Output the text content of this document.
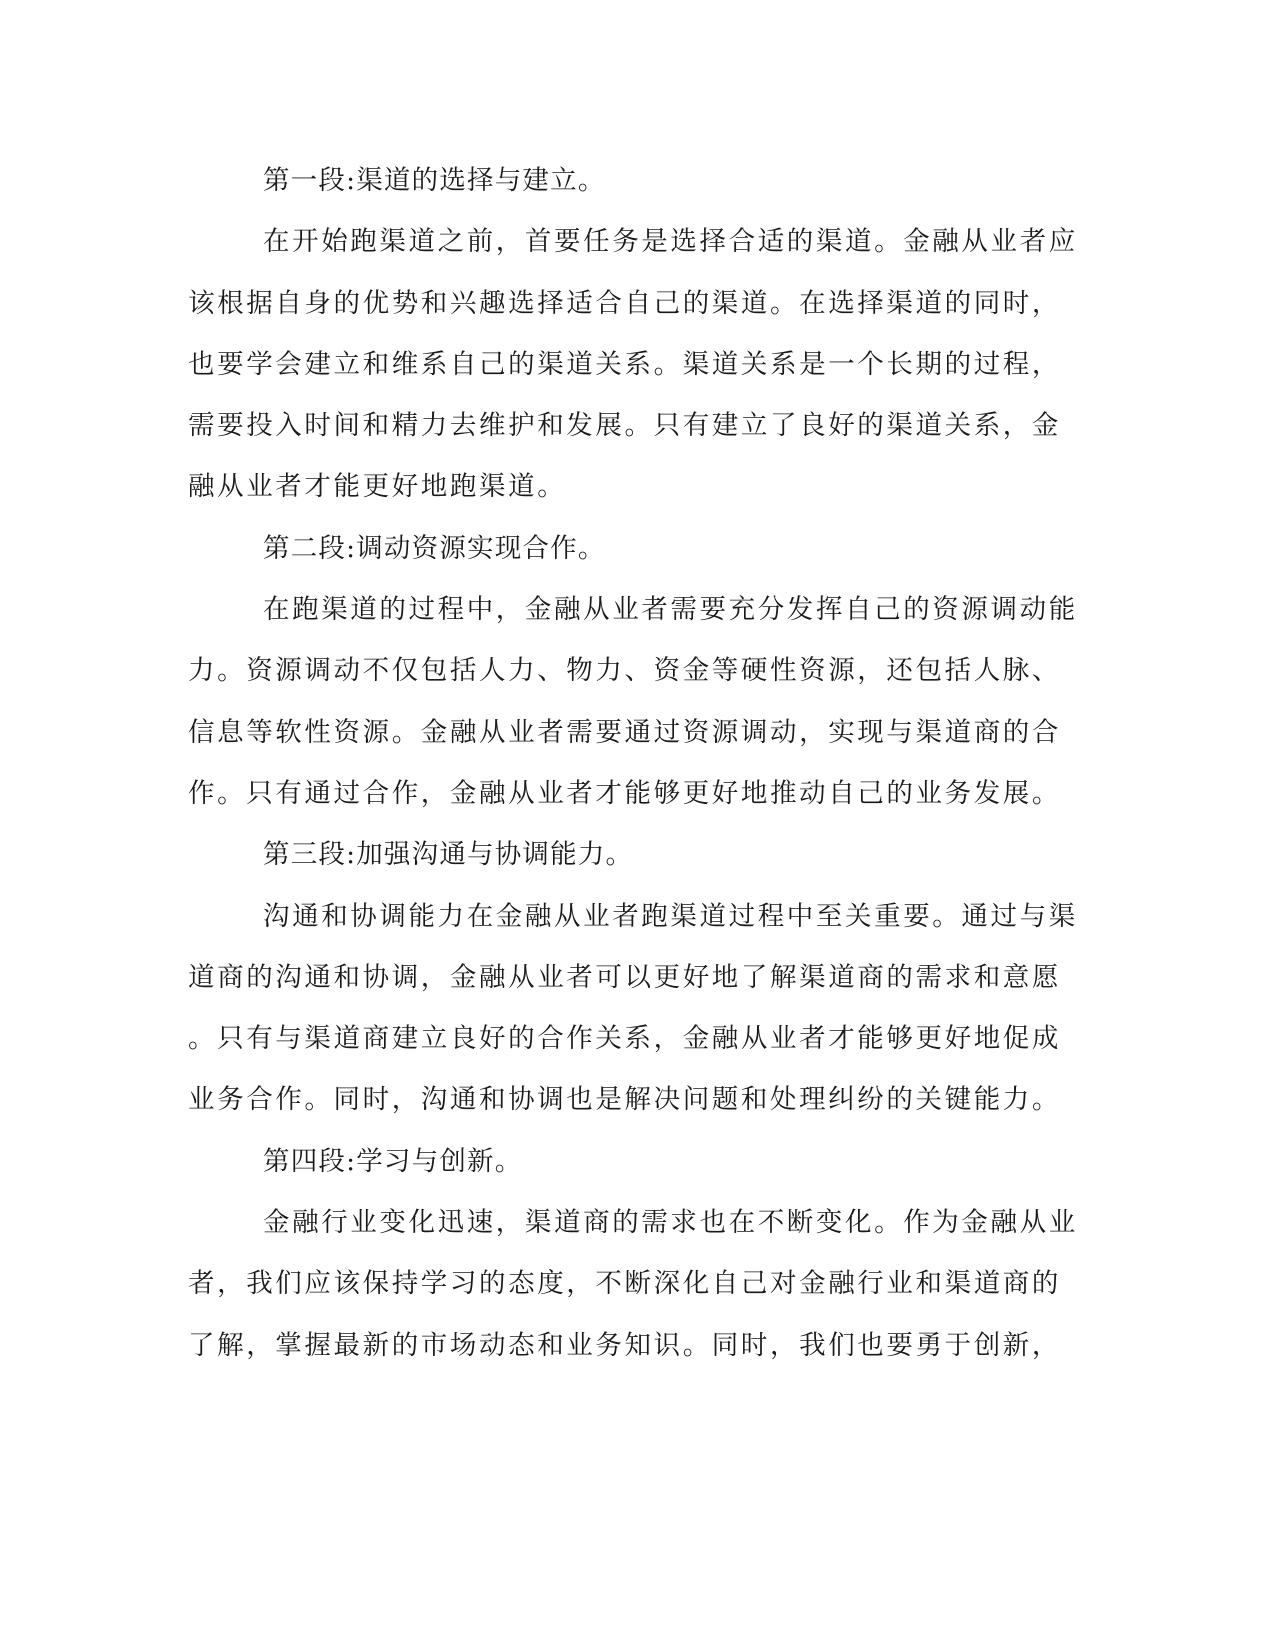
第一段:渠道的选择与建立。
在开始跑渠道之前，首要任务是选择合适的渠道。金融从业者应
该根据自身的优势和兴趣选择适合自己的渠道。在选择渠道的同时，
也要学会建立和维系自己的渠道关系。渠道关系是一个长期的过程，
需要投入时间和精力去维护和发展。只有建立了良好的渠道关系，金
融从业者才能更好地跑渠道。
第二段:调动资源实现合作。
在跑渠道的过程中，金融从业者需要充分发挥自己的资源调动能
力。资源调动不仅包括人力、物力、资金等硬性资源，还包括人脉、
信息等软性资源。金融从业者需要通过资源调动，实现与渠道商的合
作。只有通过合作，金融从业者才能够更好地推动自己的业务发展。
第三段:加强沟通与协调能力。
沟通和协调能力在金融从业者跑渠道过程中至关重要。通过与渠
道商的沟通和协调，金融从业者可以更好地了解渠道商的需求和意愿
。只有与渠道商建立良好的合作关系，金融从业者才能够更好地促成
业务合作。同时，沟通和协调也是解决问题和处理纠纷的关键能力。
第四段:学习与创新。
金融行业变化迅速，渠道商的需求也在不断变化。作为金融从业
者，我们应该保持学习的态度，不断深化自己对金融行业和渠道商的
了解，掌握最新的市场动态和业务知识。同时，我们也要勇于创新，
